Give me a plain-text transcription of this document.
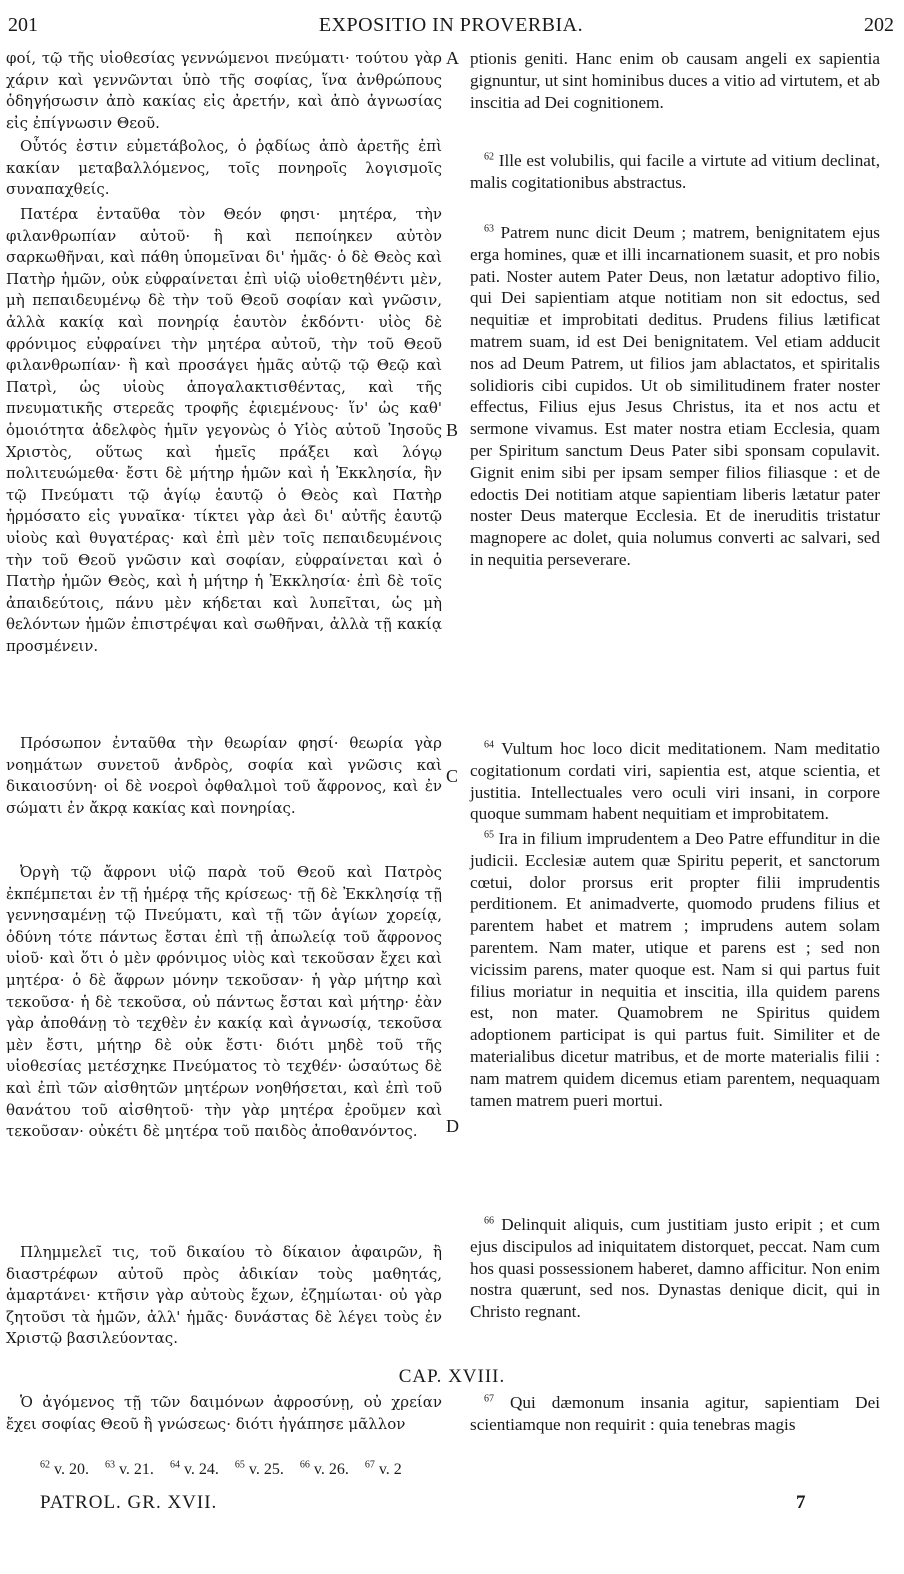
201	EXPOSITIO IN PROVERBIA.	202

φοί, τῷ τῆς υἱοθεσίας γεννώμενοι πνεύματι· τούτου γὰρ χάριν καὶ γεννῶνται ὑπὸ τῆς σοφίας, ἵνα ἀνθρώπους ὁδηγήσωσιν ἀπὸ κακίας εἰς ἀρετήν, καὶ ἀπὸ ἀγνωσίας εἰς ἐπίγνωσιν Θεοῦ.

Οὗτός ἐστιν εὐμετάβολος, ὁ ῥᾳδίως ἀπὸ ἀρετῆς ἐπὶ κακίαν μεταβαλλόμενος, τοῖς πονηροῖς λογισμοῖς συναπαχθείς.

Πατέρα ἐνταῦθα τὸν Θεόν φησι· μητέρα, τὴν φιλανθρωπίαν αὐτοῦ· ἣ καὶ πεποίηκεν αὐτὸν σαρκωθῆναι, καὶ πάθη ὑπομεῖναι δι' ἡμᾶς· ὁ δὲ Θεὸς καὶ Πατὴρ ἡμῶν, οὐκ εὐφραίνεται ἐπὶ υἱῷ υἱοθετηθέντι μὲν, μὴ πεπαιδευμένῳ δὲ τὴν τοῦ Θεοῦ σοφίαν καὶ γνῶσιν, ἀλλὰ κακίᾳ καὶ πονηρίᾳ ἑαυτὸν ἐκδόντι· υἱὸς δὲ φρόνιμος εὐφραίνει τὴν μητέρα αὐτοῦ, τὴν τοῦ Θεοῦ φιλανθρωπίαν· ἢ καὶ προσάγει ἡμᾶς αὐτῷ τῷ Θεῷ καὶ Πατρὶ, ὡς υἱοὺς ἀπογαλακτισθέντας, καὶ τῆς πνευματικῆς στερεᾶς τροφῆς ἐφιεμένους· ἵν' ὡς καθ' ὁμοιότητα ἀδελφὸς ἡμῖν γεγονὼς ὁ Υἱὸς αὐτοῦ Ἰησοῦς Χριστὸς, οὕτως καὶ ἡμεῖς πράξει καὶ λόγῳ πολιτευώμεθα· ἔστι δὲ μήτηρ ἡμῶν καὶ ἡ Ἐκκλησία, ἣν τῷ Πνεύματι τῷ ἁγίῳ ἑαυτῷ ὁ Θεὸς καὶ Πατὴρ ἡρμόσατο εἰς γυναῖκα· τίκτει γὰρ ἀεὶ δι' αὐτῆς ἑαυτῷ υἱοὺς καὶ θυγατέρας· καὶ ἐπὶ μὲν τοῖς πεπαιδευμένοις τὴν τοῦ Θεοῦ γνῶσιν καὶ σοφίαν, εὐφραίνεται καὶ ὁ Πατὴρ ἡμῶν Θεὸς, καὶ ἡ μήτηρ ἡ Ἐκκλησία· ἐπὶ δὲ τοῖς ἀπαιδεύτοις, πάνυ μὲν κήδεται καὶ λυπεῖται, ὡς μὴ θελόντων ἡμῶν ἐπιστρέψαι καὶ σωθῆναι, ἀλλὰ τῇ κακίᾳ προσμένειν.

Πρόσωπον ἐνταῦθα τὴν θεωρίαν φησί· θεωρία γὰρ νοημάτων συνετοῦ ἀνδρὸς, σοφία καὶ γνῶσις καὶ δικαιοσύνη· οἱ δὲ νοεροὶ ὀφθαλμοὶ τοῦ ἄφρονος, καὶ ἐν σώματι ἐν ἄκρᾳ κακίας καὶ πονηρίας.

Ὀργὴ τῷ ἄφρονι υἱῷ παρὰ τοῦ Θεοῦ καὶ Πατρὸς ἐκπέμπεται ἐν τῇ ἡμέρᾳ τῆς κρίσεως· τῇ δὲ Ἐκκλησίᾳ τῇ γεννησαμένῃ τῷ Πνεύματι, καὶ τῇ τῶν ἁγίων χορείᾳ, ὀδύνη τότε πάντως ἔσται ἐπὶ τῇ ἀπωλείᾳ τοῦ ἄφρονος υἱοῦ· καὶ ὅτι ὁ μὲν φρόνιμος υἱὸς καὶ τεκοῦσαν ἔχει καὶ μητέρα· ὁ δὲ ἄφρων μόνην τεκοῦσαν· ἡ γὰρ μήτηρ καὶ τεκοῦσα· ἡ δὲ τεκοῦσα, οὐ πάντως ἔσται καὶ μήτηρ· ἐὰν γὰρ ἀποθάνῃ τὸ τεχθὲν ἐν κακίᾳ καὶ ἀγνωσίᾳ, τεκοῦσα μὲν ἔστι, μήτηρ δὲ οὐκ ἔστι· διότι μηδὲ τοῦ τῆς υἱοθεσίας μετέσχηκε Πνεύματος τὸ τεχθέν· ὡσαύτως δὲ καὶ ἐπὶ τῶν αἰσθητῶν μητέρων νοηθήσεται, καὶ ἐπὶ τοῦ θανάτου τοῦ αἰσθητοῦ· τὴν γὰρ μητέρα ἐροῦμεν καὶ τεκοῦσαν· οὐκέτι δὲ μητέρα τοῦ παιδὸς ἀποθανόντος.

Πλημμελεῖ τις, τοῦ δικαίου τὸ δίκαιον ἀφαιρῶν, ἢ διαστρέφων αὐτοῦ πρὸς ἀδικίαν τοὺς μαθητάς, ἁμαρτάνει· κτῆσιν γὰρ αὐτοὺς ἔχων, ἐζημίωται· οὐ γὰρ ζητοῦσι τὰ ἡμῶν, ἀλλ' ἡμᾶς· δυνάστας δὲ λέγει τοὺς ἐν Χριστῷ βασιλεύοντας.

Ὁ ἀγόμενος τῇ τῶν δαιμόνων ἀφροσύνῃ, οὐ χρείαν ἔχει σοφίας Θεοῦ ἢ γνώσεως· διότι ἠγάπησε μᾶλλον

A
B
C
D

ptionis geniti. Hanc enim ob causam angeli ex sapientia gignuntur, ut sint hominibus duces a vitio ad virtutem, et ab inscitia ad Dei cognitionem.

$^{62}$ Ille est volubilis, qui facile a virtute ad vitium declinat, malis cogitationibus abstractus.

$^{63}$ Patrem nunc dicit Deum ; matrem, benignitatem ejus erga homines, quæ et illi incarnationem suasit, et pro nobis pati. Noster autem Pater Deus, non lætatur adoptivo filio, qui Dei sapientiam atque notitiam non sit edoctus, sed nequitiæ et improbitati deditus. Prudens filius lætificat matrem suam, id est Dei benignitatem. Vel etiam adducit nos ad Deum Patrem, ut filios jam ablactatos, et spiritalis solidioris cibi cupidos. Ut ob similitudinem frater noster effectus, Filius ejus Jesus Christus, ita et nos actu et sermone vivamus. Est mater nostra etiam Ecclesia, quam per Spiritum sanctum Deus Pater sibi sponsam copulavit. Gignit enim sibi per ipsam semper filios filiasque : et de edoctis Dei notitiam atque sapientiam liberis lætatur pater noster Deus materque Ecclesia. Et de ineruditis tristatur magnopere ac dolet, quia nolumus converti ac salvari, sed in nequitia perseverare.

$^{64}$ Vultum hoc loco dicit meditationem. Nam meditatio cogitationum cordati viri, sapientia est, atque scientia, et justitia. Intellectuales vero oculi viri insani, in corpore quoque summam habent nequitiam et improbitatem.

$^{65}$ Ira in filium imprudentem a Deo Patre effunditur in die judicii. Ecclesiæ autem quæ Spiritu peperit, et sanctorum cœtui, dolor prorsus erit propter filii imprudentis perditionem. Et animadverte, quomodo prudens filius et parentem habet et matrem ; imprudens autem solam parentem. Nam mater, utique et parens est ; sed non vicissim parens, mater quoque est. Nam si qui partus fuit filius moriatur in nequitia et inscitia, illa quidem parens est, non mater. Quamobrem ne Spiritus quidem adoptionem participat is qui partus fuit. Similiter et de materialibus dicetur matribus, et de morte materialis filii : nam matrem quidem dicemus etiam parentem, nequaquam tamen matrem pueri mortui.

$^{66}$ Delinquit aliquis, cum justitiam justo eripit ; et cum ejus discipulos ad iniquitatem distorquet, peccat. Nam cum hos quasi possessionem haberet, damno afficitur. Non enim nostra quærunt, sed nos. Dynastas denique dicit, qui in Christo regnant.

$^{67}$ Qui dæmonum insania agitur, sapientiam Dei scientiamque non requirit : quia tenebras magis

CAP. XVIII.
$^{62}$ v. 20. $^{63}$ v. 21. $^{64}$ v. 24. $^{65}$ v. 25. $^{66}$ v. 26. $^{67}$ v. 2
PATROL. GR. XVII.	7
